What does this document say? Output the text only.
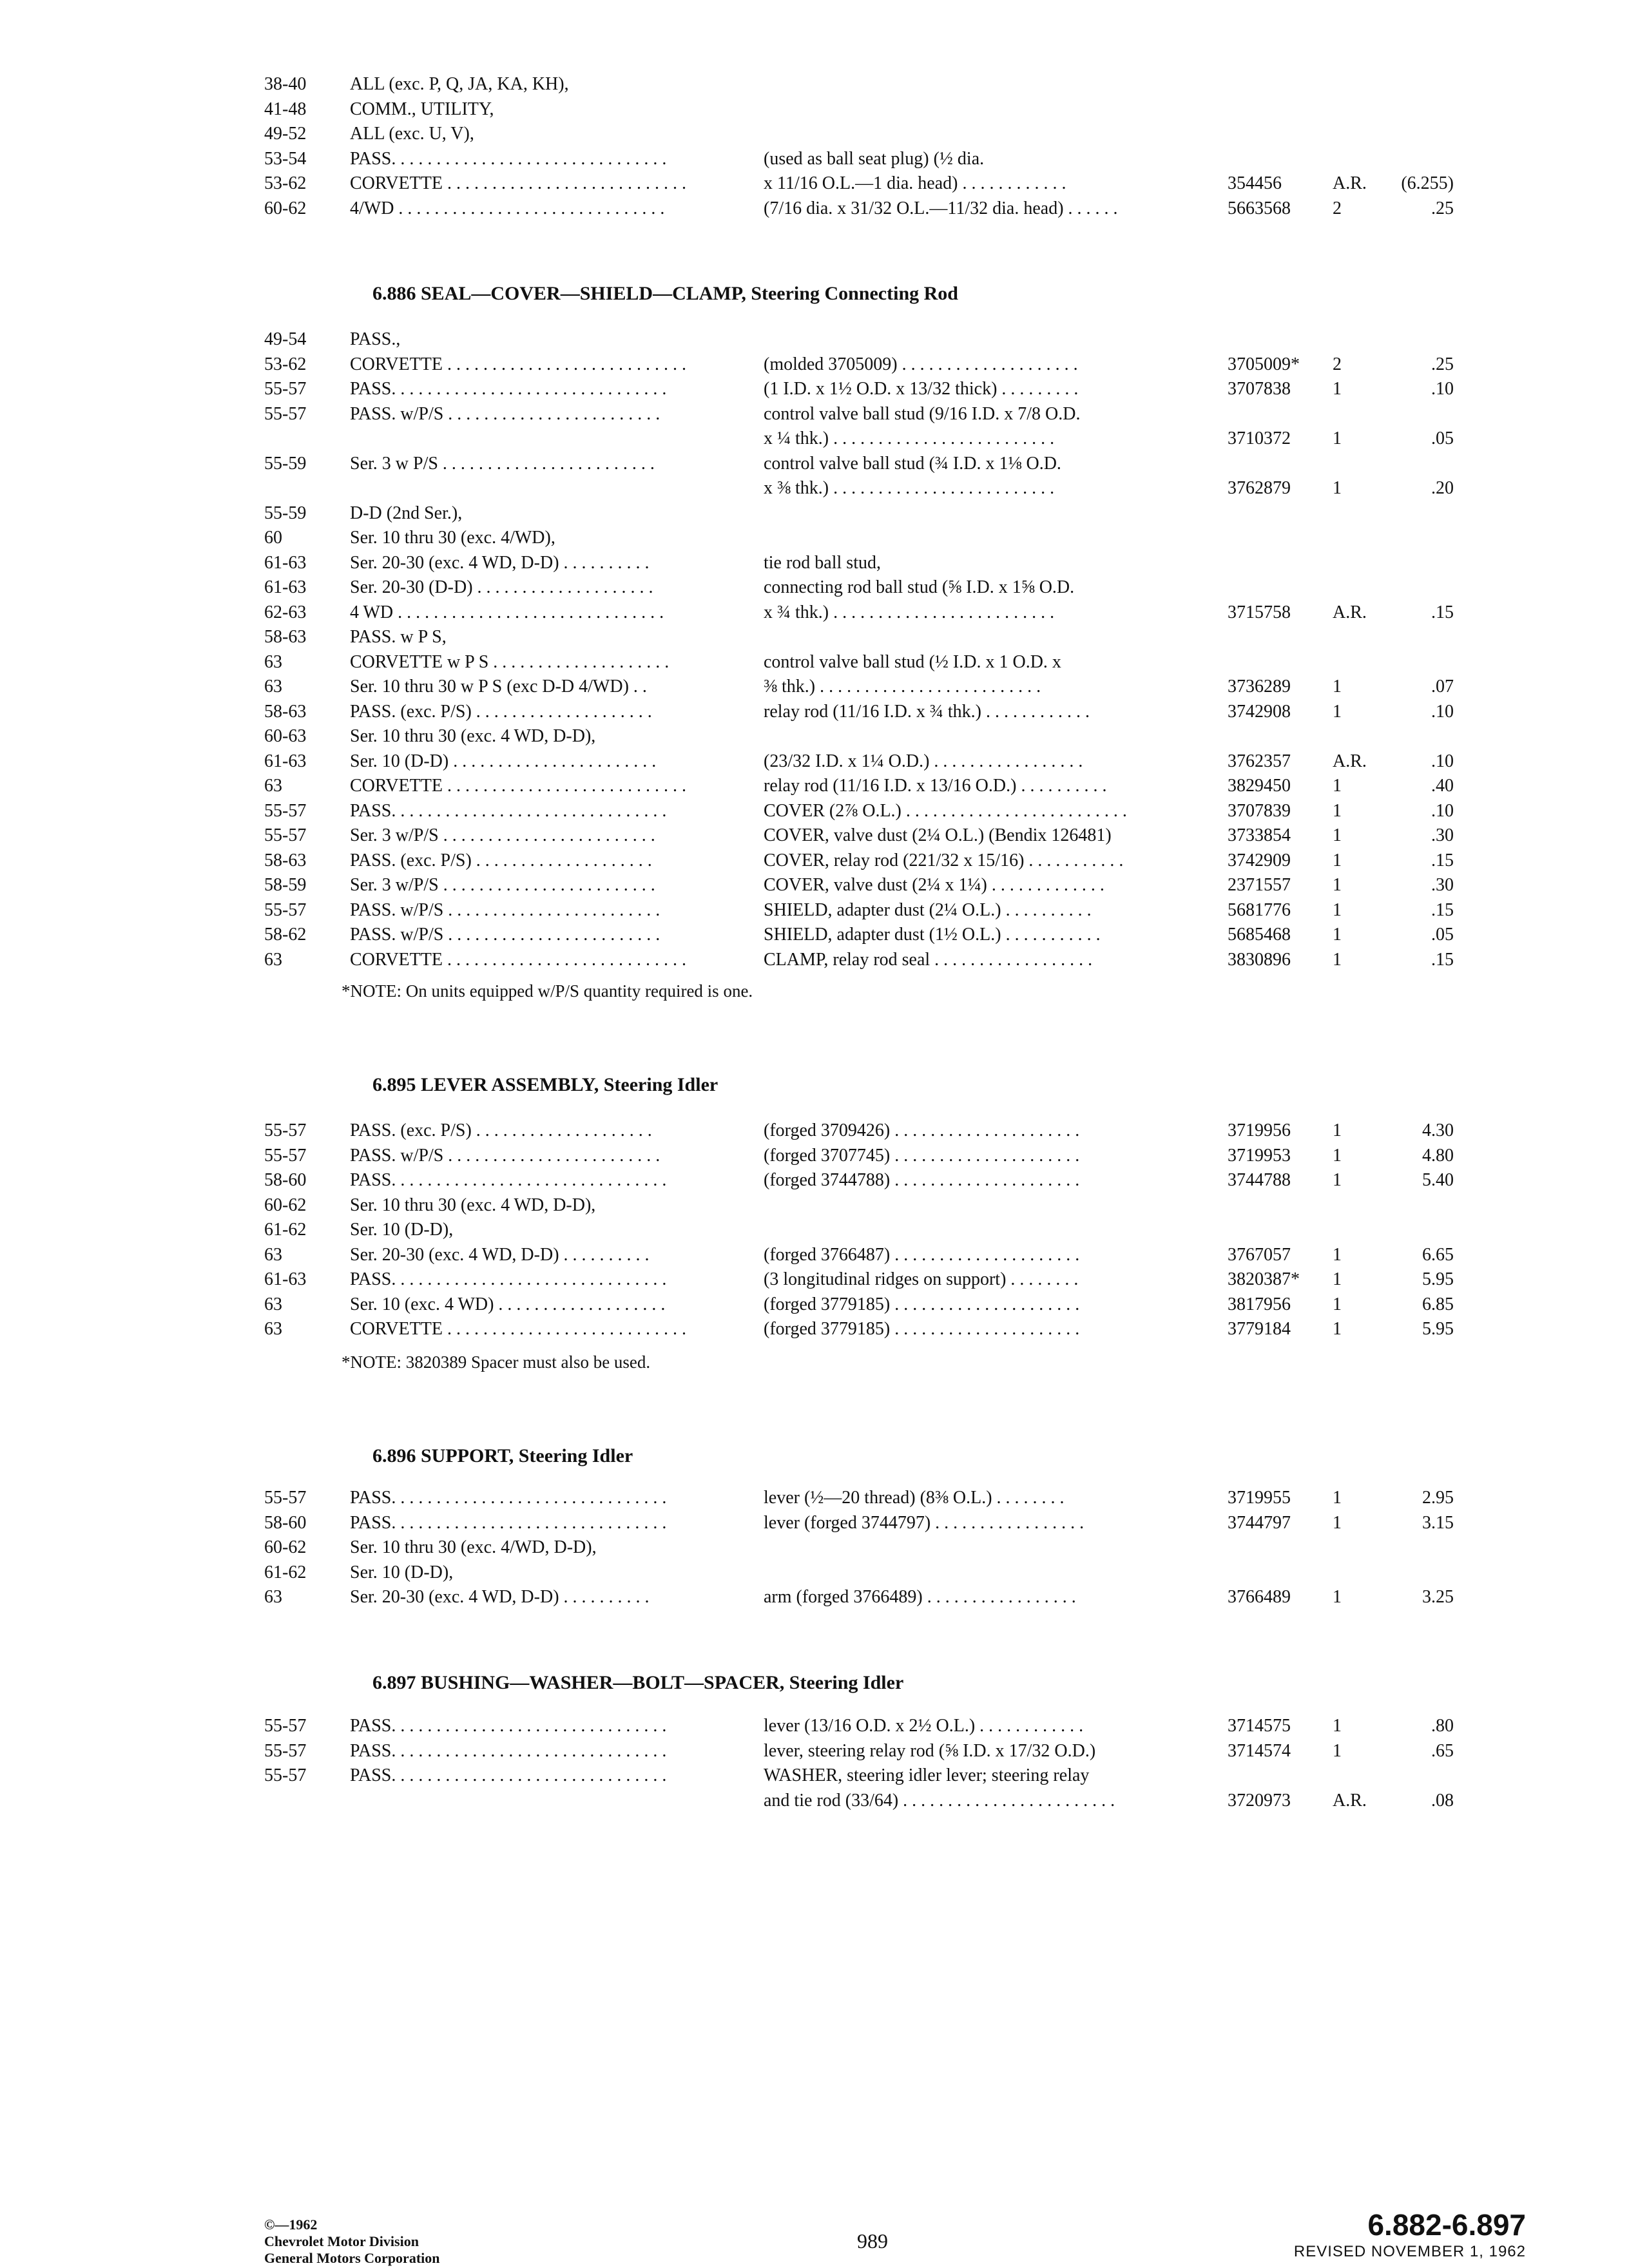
38-40 ALL (exc. P, Q, JA, KA, KH),
41-48 COMM., UTILITY,
49-52 ALL (exc. U, V),
53-54 PASS. . . . . . . . . . . . . . . . . . . . . . . . . . . . . . .	(used as ball seat plug) (½ dia.
53-62 CORVETTE . . . . . . . . . . . . . . . . . . . . . . . . . . .	x 11/16 O.L.—1 dia. head) . . . . . . . . . . . .	354456	A.R. (6.255)
60-62 4/WD . . . . . . . . . . . . . . . . . . . . . . . . . . . . . .	(7/16 dia. x 31/32 O.L.—11/32 dia. head) . . . . . .	5663568 2	.25
6.886 SEAL—COVER—SHIELD—CLAMP, Steering Connecting Rod
49-54 PASS.,
53-62 CORVETTE . . . . . . . . . . . . . . . . . . . . . . . . . . .	(molded 3705009) . . . . . . . . . . . . . . . . . . . .	3705009* 2	.25
55-57 PASS. . . . . . . . . . . . . . . . . . . . . . . . . . . . . . .	(1 I.D. x 1½ O.D. x 13/32 thick) . . . . . . . . .	3707838 1	.10
55-57 PASS. w/P/S . . . . . . . . . . . . . . . . . . . . . . . .	control valve ball stud (9/16 I.D. x 7/8 O.D.
x ¼ thk.) . . . . . . . . . . . . . . . . . . . . . . . . .	3710372 1	.05
55-59 Ser. 3 w P/S . . . . . . . . . . . . . . . . . . . . . . . .	control valve ball stud (¾ I.D. x 1⅛ O.D.
x ⅜ thk.) . . . . . . . . . . . . . . . . . . . . . . . . .	3762879 1	.20
55-59 D-D (2nd Ser.),
60	Ser. 10 thru 30 (exc. 4/WD),
61-63 Ser. 20-30 (exc. 4 WD, D-D) . . . . . . . . . .	tie rod ball stud,
61-63 Ser. 20-30 (D-D) . . . . . . . . . . . . . . . . . . . .	connecting rod ball stud (⅝ I.D. x 1⅝ O.D.
62-63 4 WD . . . . . . . . . . . . . . . . . . . . . . . . . . . . . .	x ¾ thk.) . . . . . . . . . . . . . . . . . . . . . . . . .	3715758 A.R.	.15
58-63 PASS. w P S,
63	CORVETTE w P S . . . . . . . . . . . . . . . . . . . .	control valve ball stud (½ I.D. x 1 O.D. x
63	Ser. 10 thru 30 w P S (exc D-D 4/WD) . .	⅜ thk.) . . . . . . . . . . . . . . . . . . . . . . . . .	3736289 1	.07
58-63 PASS. (exc. P/S) . . . . . . . . . . . . . . . . . . . .	relay rod (11/16 I.D. x ¾ thk.) . . . . . . . . . . . .	3742908 1	.10
60-63 Ser. 10 thru 30 (exc. 4 WD, D-D),
61-63 Ser. 10 (D-D) . . . . . . . . . . . . . . . . . . . . . . .	(23/32 I.D. x 1¼ O.D.) . . . . . . . . . . . . . . . . .	3762357 A.R.	.10
63	CORVETTE . . . . . . . . . . . . . . . . . . . . . . . . . . .	relay rod (11/16 I.D. x 13/16 O.D.) . . . . . . . . . .	3829450 1	.40
55-57 PASS. . . . . . . . . . . . . . . . . . . . . . . . . . . . . . .	COVER (2⅞ O.L.) . . . . . . . . . . . . . . . . . . . . . . . . .	3707839 1	.10
55-57 Ser. 3 w/P/S . . . . . . . . . . . . . . . . . . . . . . . .	COVER, valve dust (2¼ O.L.) (Bendix 126481)	3733854 1	.30
58-63 PASS. (exc. P/S) . . . . . . . . . . . . . . . . . . . .	COVER, relay rod (221/32 x 15/16) . . . . . . . . . . .	3742909 1	.15
58-59 Ser. 3 w/P/S . . . . . . . . . . . . . . . . . . . . . . . .	COVER, valve dust (2¼ x 1¼) . . . . . . . . . . . . .	2371557 1	.30
55-57 PASS. w/P/S . . . . . . . . . . . . . . . . . . . . . . . .	SHIELD, adapter dust (2¼ O.L.) . . . . . . . . . .	5681776 1	.15
58-62 PASS. w/P/S . . . . . . . . . . . . . . . . . . . . . . . .	SHIELD, adapter dust (1½ O.L.) . . . . . . . . . . .	5685468 1	.05
63	CORVETTE . . . . . . . . . . . . . . . . . . . . . . . . . . .	CLAMP, relay rod seal . . . . . . . . . . . . . . . . . .	3830896 1	.15
*NOTE: On units equipped w/P/S quantity required is one.
6.895 LEVER ASSEMBLY, Steering Idler
55-57 PASS. (exc. P/S) . . . . . . . . . . . . . . . . . . . .	(forged 3709426) . . . . . . . . . . . . . . . . . . . . .	3719956 1	4.30
55-57 PASS. w/P/S . . . . . . . . . . . . . . . . . . . . . . . .	(forged 3707745) . . . . . . . . . . . . . . . . . . . . .	3719953 1	4.80
58-60 PASS. . . . . . . . . . . . . . . . . . . . . . . . . . . . . . .	(forged 3744788) . . . . . . . . . . . . . . . . . . . . .	3744788 1	5.40
60-62 Ser. 10 thru 30 (exc. 4 WD, D-D),
61-62 Ser. 10 (D-D),
63	Ser. 20-30 (exc. 4 WD, D-D) . . . . . . . . . .	(forged 3766487) . . . . . . . . . . . . . . . . . . . . .	3767057 1	6.65
61-63 PASS. . . . . . . . . . . . . . . . . . . . . . . . . . . . . . .	(3 longitudinal ridges on support) . . . . . . . .	3820387* 1	5.95
63	Ser. 10 (exc. 4 WD) . . . . . . . . . . . . . . . . . . .	(forged 3779185) . . . . . . . . . . . . . . . . . . . . .	3817956 1	6.85
63	CORVETTE . . . . . . . . . . . . . . . . . . . . . . . . . . .	(forged 3779185) . . . . . . . . . . . . . . . . . . . . .	3779184 1	5.95
*NOTE: 3820389 Spacer must also be used.
6.896 SUPPORT, Steering Idler
55-57 PASS. . . . . . . . . . . . . . . . . . . . . . . . . . . . . . .	lever (½—20 thread) (8⅜ O.L.) . . . . . . . .	3719955 1	2.95
58-60 PASS. . . . . . . . . . . . . . . . . . . . . . . . . . . . . . .	lever (forged 3744797) . . . . . . . . . . . . . . . . .	3744797 1	3.15
60-62 Ser. 10 thru 30 (exc. 4/WD, D-D),
61-62 Ser. 10 (D-D),
63	Ser. 20-30 (exc. 4 WD, D-D) . . . . . . . . . .	arm (forged 3766489) . . . . . . . . . . . . . . . . .	3766489 1	3.25
6.897 BUSHING—WASHER—BOLT—SPACER, Steering Idler
55-57 PASS. . . . . . . . . . . . . . . . . . . . . . . . . . . . . . .	lever (13/16 O.D. x 2½ O.L.) . . . . . . . . . . . .	3714575 1	.80
55-57 PASS. . . . . . . . . . . . . . . . . . . . . . . . . . . . . . .	lever, steering relay rod (⅝ I.D. x 17/32 O.D.)	3714574 1	.65
55-57 PASS. . . . . . . . . . . . . . . . . . . . . . . . . . . . . . .	WASHER, steering idler lever; steering relay
and tie rod (33/64) . . . . . . . . . . . . . . . . . . . . . . . .	3720973 A.R.	.08
©—1962
Chevrolet Motor Division
General Motors Corporation
989	6.882-6.897
REVISED NOVEMBER 1, 1962
